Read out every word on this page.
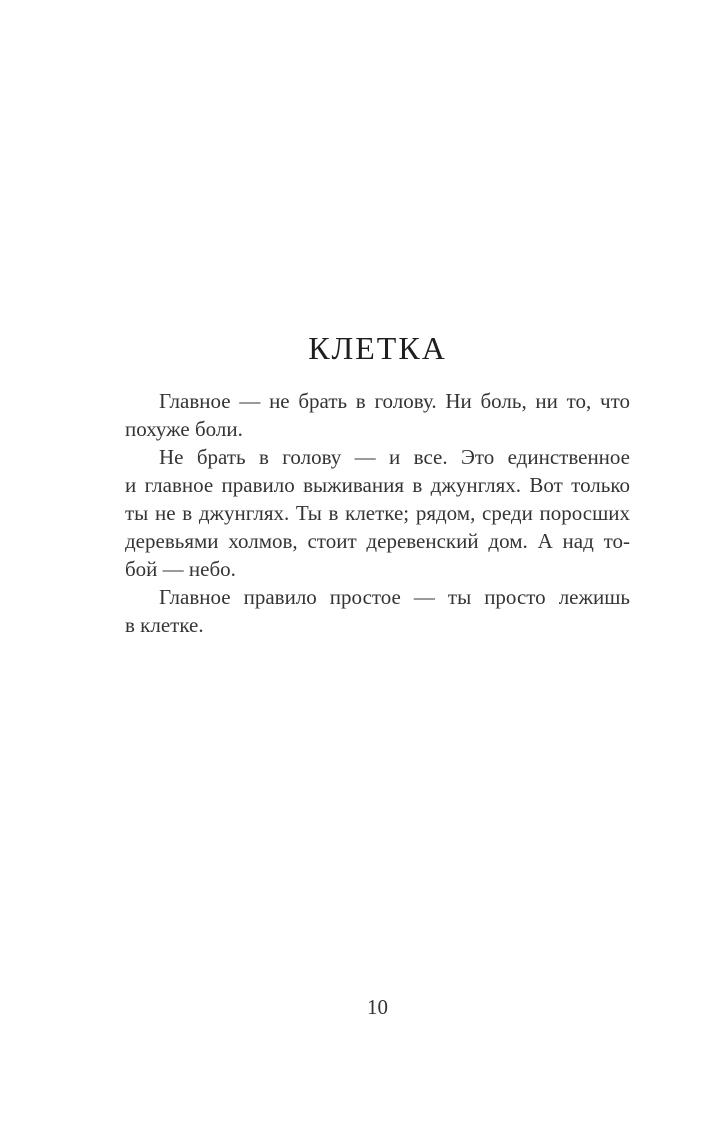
КЛЕТКА
Главное — не брать в голову. Ни боль, ни то, что
похуже боли.
Не брать в голову — и все. Это единственное
и главное правило выживания в джунглях. Вот только
ты не в джунглях. Ты в клетке; рядом, среди поросших
деревьями холмов, стоит деревенский дом. А над то-
бой — небо.
Главное правило простое — ты просто лежишь
в клетке.
10
